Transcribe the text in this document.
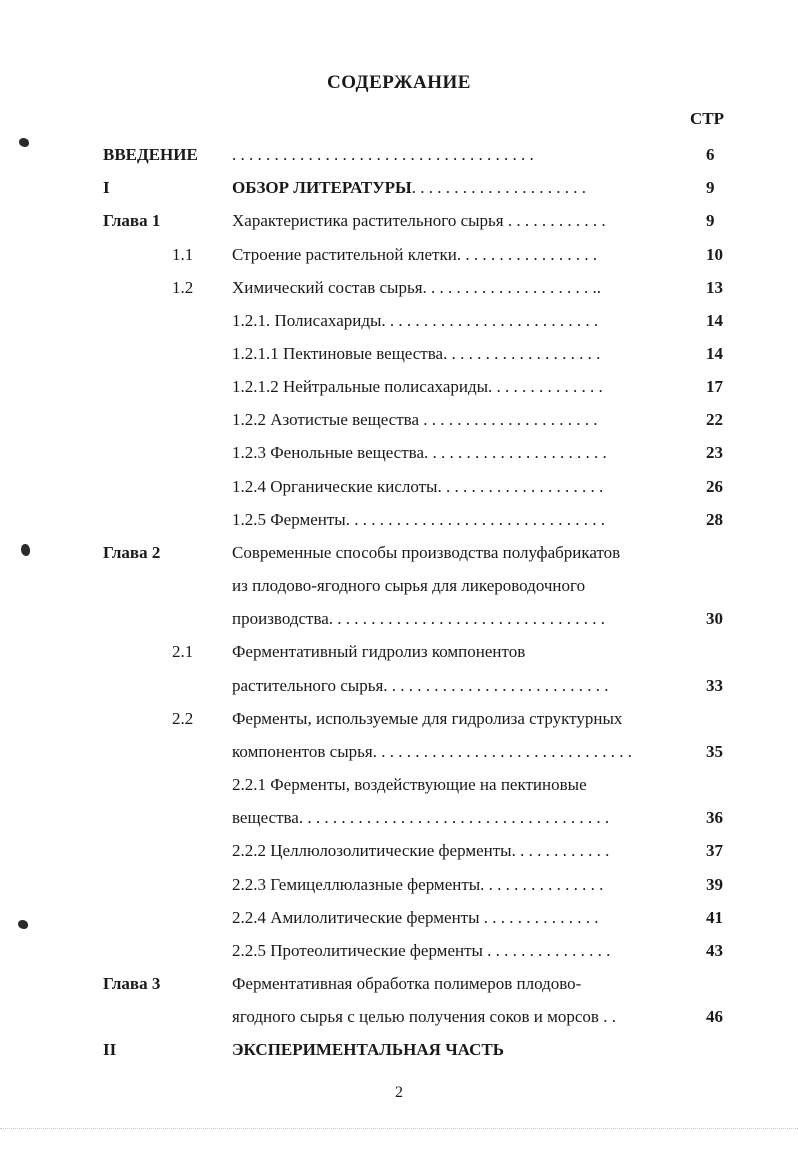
СОДЕРЖАНИЕ
СТР
ВВЕДЕНИЕ . . . . . . . . . . . . . . . . . . . . . . . . . . . . . . . . . . . .	6
I	ОБЗОР ЛИТЕРАТУРЫ. . . . . . . . . . . . . . . . . . . . .	9
Глава 1	Характеристика растительного сырья . . . . . . . . . . . .	9
1.1 Строение растительной клетки. . . . . . . . . . . . . . . . .	10
1.2 Химический состав сырья. . . . . . . . . . . . . . . . . . . . ..	13
1.2.1. Полисахариды. . . . . . . . . . . . . . . . . . . . . . . . . .	14
1.2.1.1 Пектиновые вещества. . . . . . . . . . . . . . . . . . .	14
1.2.1.2 Нейтральные полисахариды. . . . . . . . . . . . . .	17
1.2.2 Азотистые вещества . . . . . . . . . . . . . . . . . . . . .	22
1.2.3 Фенольные вещества. . . . . . . . . . . . . . . . . . . . . .	23
1.2.4 Органические кислоты. . . . . . . . . . . . . . . . . . . .	26
1.2.5 Ферменты. . . . . . . . . . . . . . . . . . . . . . . . . . . . . . .	28
Глава 2	Современные способы производства полуфабрикатов
из плодово-ягодного сырья для ликероводочного
производства. . . . . . . . . . . . . . . . . . . . . . . . . . . . . . . . .	30
2.1 Ферментативный гидролиз компонентов
растительного сырья. . . . . . . . . . . . . . . . . . . . . . . . . . .	33
2.2 Ферменты, используемые для гидролиза структурных
компонентов сырья. . . . . . . . . . . . . . . . . . . . . . . . . . . . . . .	35
2.2.1 Ферменты, воздействующие на пектиновые
вещества. . . . . . . . . . . . . . . . . . . . . . . . . . . . . . . . . . . . .	36
2.2.2 Целлюлозолитические ферменты. . . . . . . . . . . .	37
2.2.3 Гемицеллюлазные ферменты. . . . . . . . . . . . . . .	39
2.2.4 Амилолитические ферменты . . . . . . . . . . . . . .	41
2.2.5 Протеолитические ферменты . . . . . . . . . . . . . . .	43
Глава 3	Ферментативная обработка полимеров плодово-
ягодного сырья с целью получения соков и морсов . .	46
II	ЭКСПЕРИМЕНТАЛЬНАЯ ЧАСТЬ
2
